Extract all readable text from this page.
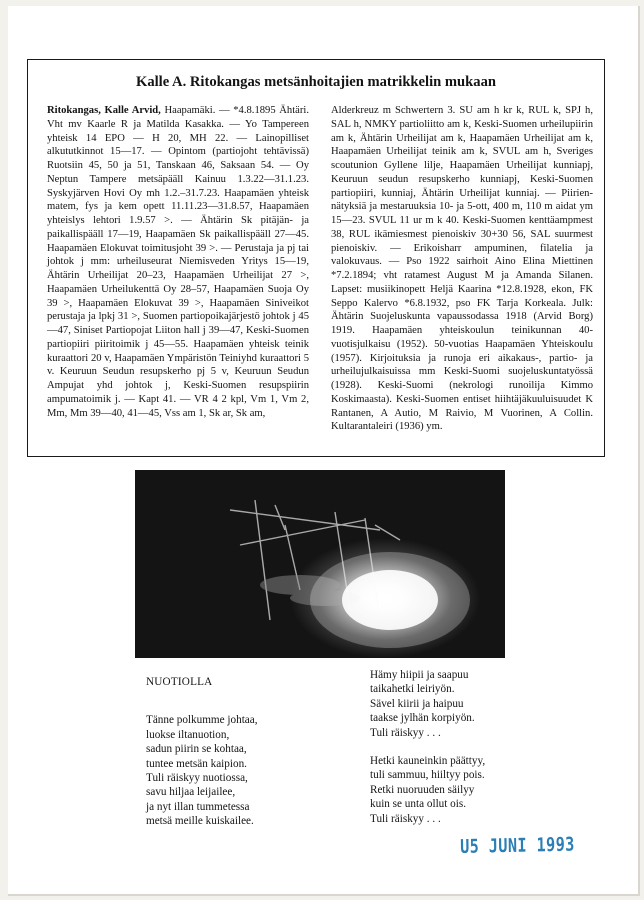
Kalle A. Ritokangas metsänhoitajien matrikkelin mukaan
Ritokangas, Kalle Arvid, Haapamäki. — *4.8.1895 Ähtäri. Vht mv Kaarle R ja Matilda Kasakka. — Yo Tampereen yhteisk 14 EPO — H 20, MH 22. — Lainopilliset alkututkinnot 15—17. — Opintom (partiojoht tehtävissä) Ruotsiin 45, 50 ja 51, Tanskaan 46, Saksaan 54. — Oy Neptun Tampere metsäpääll Kainuu 1.3.22—31.1.23. Syskyjärven Hovi Oy mh 1.2.–31.7.23. Haapamäen yhteisk matem, fys ja kem opett 11.11.23—31.8.57, Haapamäen yhteislys lehtori 1.9.57 >. — Ähtärin Sk pitäjän- ja paikallispääll 17—19, Haapamäen Sk paikallispääll 27—45. Haapamäen Elokuvat toimitusjoht 39 >. — Perustaja ja pj tai johtok j mm: urheiluseurat Niemisveden Yritys 15—19, Ähtärin Urheilijat 20–23, Haapamäen Urheilijat 27 >, Haapamäen Urheilukenttä Oy 28–57, Haapamäen Suoja Oy 39 >, Haapamäen Elokuvat 39 >, Haapamäen Siniveikot perustaja ja lpkj 31 >, Suomen partiopoikajärjestö johtok j 45—47, Siniset Partiopojat Liiton hall j 39—47, Keski-Suomen partiopiiri piiritoimik j 45—55. Haapamäen yhteisk teinik kuraattori 20 v, Haapamäen Ympäristön Teiniyhd kuraattori 5 v. Keuruun Seudun resupskerho pj 5 v, Keuruun Seudun Ampujat yhd johtok j, Keski-Suomen resupspiirin ampumatoimik j. — Kapt 41. — VR 4 2 kpl, Vm 1, Vm 2, Mm, Mm 39—40, 41—45, Vss am 1, Sk ar, Sk am,
Alderkreuz m Schwertern 3. SU am h kr k, RUL k, SPJ h, SAL h, NMKY partioliitto am k, Keski-Suomen urheilupiirin am k, Ähtärin Urheilijat am k, Haapamäen Urheilijat am k, Haapamäen Urheilijat teinik am k, SVUL am h, Sveriges scoutunion Gyllene lilje, Haapamäen Urheilijat kunniapj, Keuruun seudun resupskerho kunniapj, Keski-Suomen partiopiiri, kunniaj, Ähtärin Urheilijat kunniaj. — Piiriennätyksiä ja mestaruuksia 10- ja 5-ott, 400 m, 110 m aidat ym 15—23. SVUL 11 ur m k 40. Keski-Suomen kenttäampmest 38, RUL ikämiesmest pienoiskiv 30+30 56, SAL suurmest pienoiskiv. — Erikoisharr ampuminen, filatelia ja valokuvaus. — Pso 1922 sairhoit Aino Elina Miettinen *7.2.1894; vht ratamest August M ja Amanda Silanen. Lapset: musiikinopett Heljä Kaarina *12.8.1928, ekon, FK Seppo Kalervo *6.8.1932, pso FK Tarja Korkeala. Julk: Ähtärin Suojeluskunta vapaussodassa 1918 (Arvid Borg) 1919. Haapamäen yhteiskoulun teinikunnan 40-vuotisjulkaisu (1952). 50-vuotias Haapamäen Yhteiskoulu (1957). Kirjoituksia ja runoja eri aikakaus-, partio- ja urheilujulkaisuissa mm Keski-Suomi suojeluskuntatyössä (1928). Keski-Suomi (nekrologi runoilija Kimmo Koskimaasta). Keski-Suomen entiset hiihtäjäkuuluisuudet K Rantanen, A Autio, M Raivio, M Vuorinen, A Collin. Kultarantaleiri (1936) ym.
NUOTIOLLA
Tänne polkumme johtaa,
luokse iltanuotion,
sadun piirin se kohtaa,
tuntee metsän kaipion.
Tuli räiskyy nuotiossa,
savu hiljaa leijailee,
ja nyt illan tummetessa
metsä meille kuiskailee.
Hämy hiipii ja saapuu
taikahetki leiriyön.
Sävel kiirii ja haipuu
taakse jylhän korpiyön.
Tuli räiskyy . . .
Hetki kauneinkin päättyy,
tuli sammuu, hiiltyy pois.
Retki nuoruuden säilyy
kuin se unta ollut ois.
Tuli räiskyy . . .
U5 JUNI 1993
